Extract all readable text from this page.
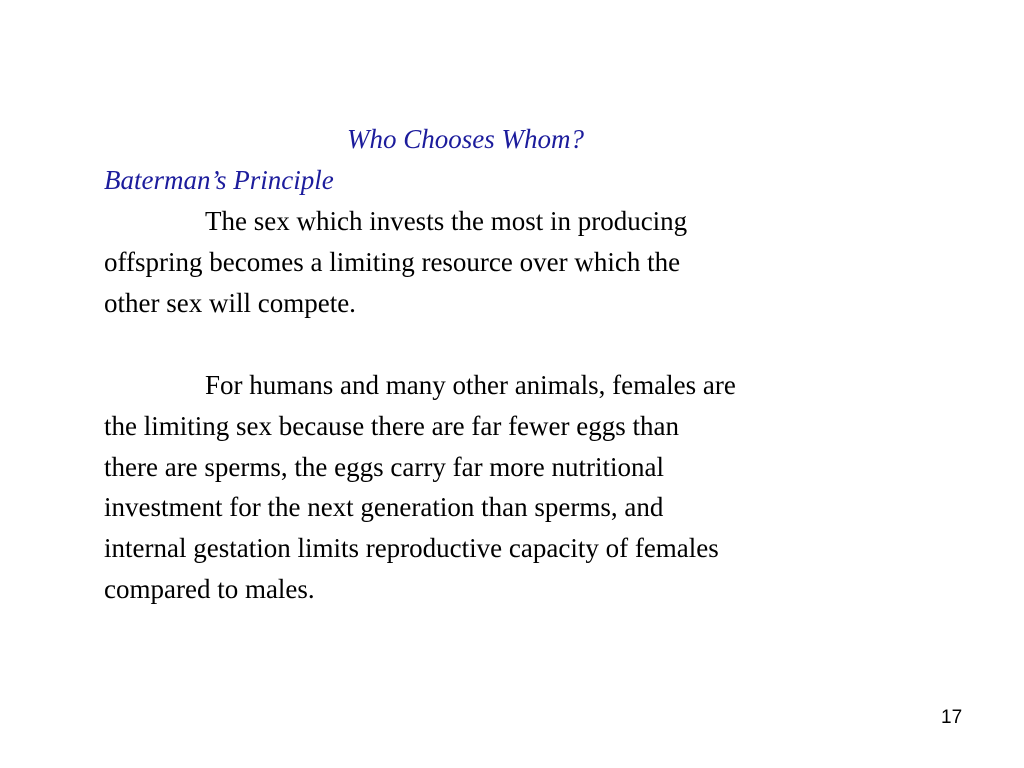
Who Chooses Whom?
Baterman’s Principle
The sex which invests the most in producing
offspring becomes a limiting resource over which the
other sex will compete.
For humans and many other animals, females are
the limiting sex because there are far fewer eggs than
there are sperms, the eggs carry far more nutritional
investment for the next generation than sperms, and
internal gestation limits reproductive capacity of females
compared to males.
17
